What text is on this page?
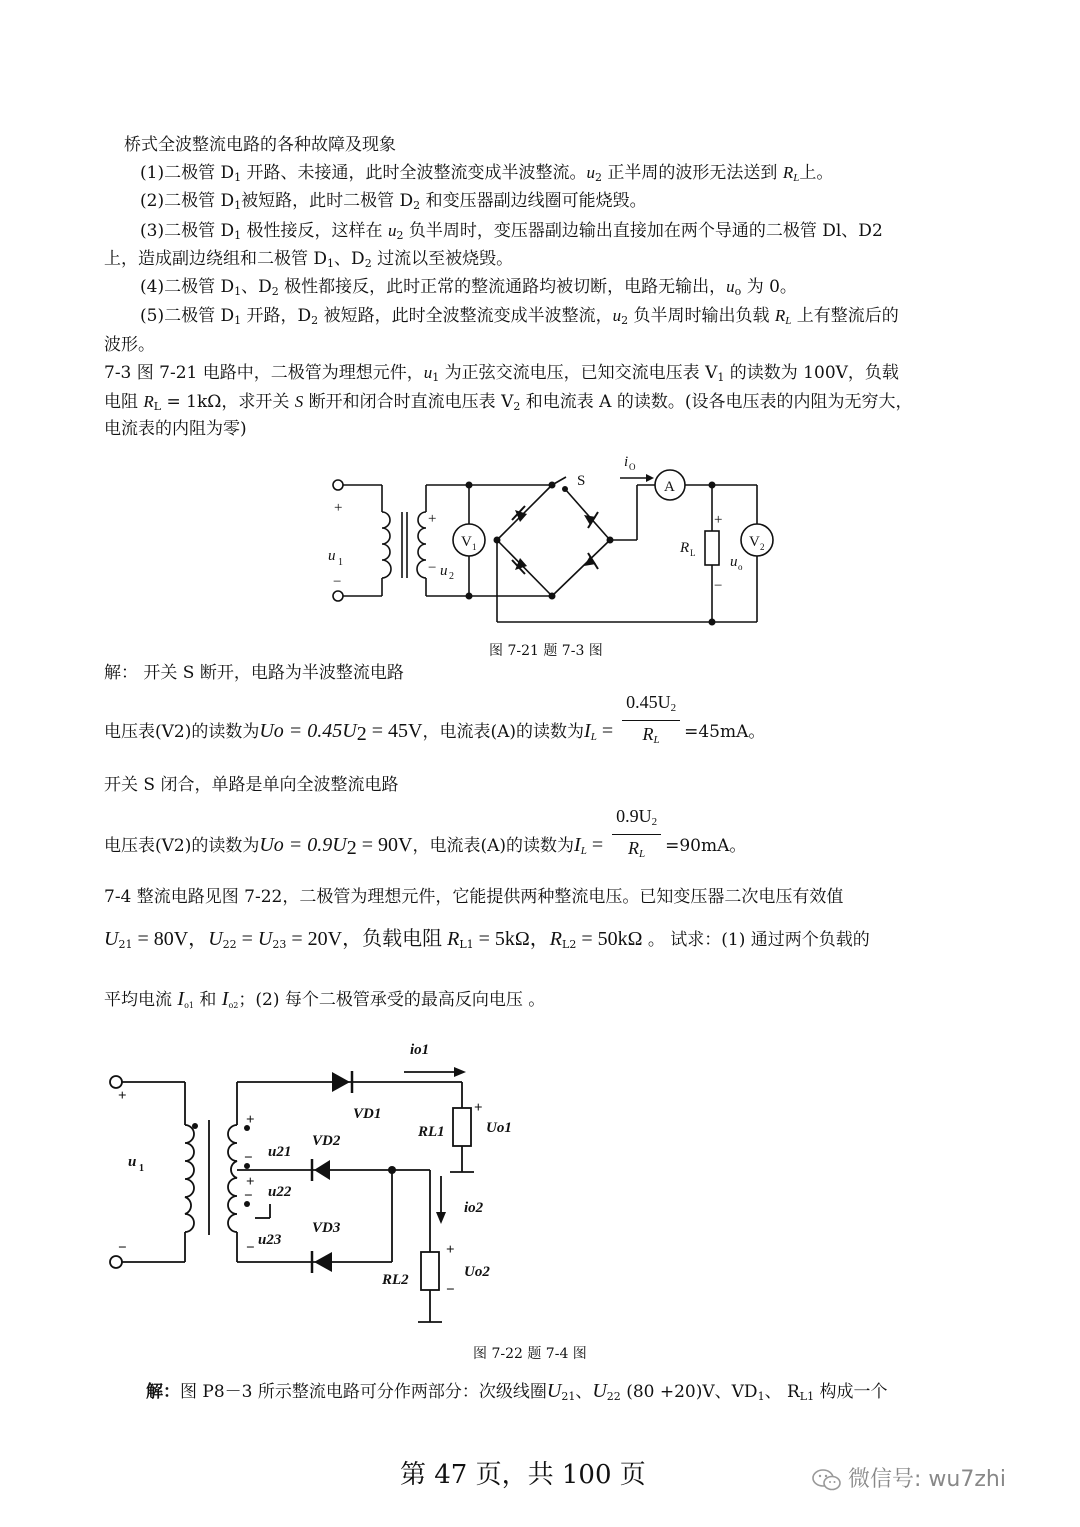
桥式全波整流电路的各种故障及现象
(1)二极管 $D_1$ 开路、未接通，此时全波整流变成半波整流。$u_2$ 正半周的波形无法送到 $R_L$上。
(2)二极管 $D_1$被短路，此时二极管 $D_2$ 和变压器副边线圈可能烧毁。
(3)二极管 $D_1$ 极性接反，这样在 $u_2$ 负半周时，变压器副边输出直接加在两个导通的二极管 Dl、D2
上，造成副边绕组和二极管 $D_1$、$D_2$ 过流以至被烧毁。
(4)二极管 $D_1$、$D_2$ 极性都接反，此时正常的整流通路均被切断，电路无输出，$u_o$ 为 0。
(5)二极管 $D_1$ 开路，$D_2$ 被短路，此时全波整流变成半波整流，$u_2$ 负半周时输出负载 $R_L$ 上有整流后的
波形。
7-3 图 7-21 电路中，二极管为理想元件，$u_1$ 为正弦交流电压，已知交流电压表 $V_1$ 的读数为 100V，负载
电阻 $R_L = 1k\Omega$，求开关 S 断开和闭合时直流电压表 $V_2$ 和电流表 A 的读数。(设各电压表的内阻为无穷大，
电流表的内阻为零)
+
u 1
−
+
− u 2
V 1
S
i O
A
+
R L
u o
−
V 2
图 7-21 题 7-3 图
解： 开关 S 断开，电路为半波整流电路
电压表(V2)的读数为$Uo = 0.45U_2 = 45V$，电流表(A)的读数为$I_L = \frac{0.45U_2}{R_L} =45mA$。
开关 S 闭合，单路是单向全波整流电路
电压表(V2)的读数为$Uo = 0.9U_2 = 90V$，电流表(A)的读数为$I_L = \frac{0.9U_2}{R_L} =90mA$。
7-4 整流电路见图 7-22，二极管为理想元件，它能提供两种整流电压。已知变压器二次电压有效值
$U_{21} = 80V$，$U_{22} = U_{23} = 20V$，负载电阻 $R_{L1} = 5k\Omega$，$R_{L2} = 50k\Omega$ 。 试求：(1) 通过两个负载的
平均电流 $I_{o1}$ 和 $I_{o2}$；(2) 每个二极管承受的最高反向电压 。
+
−
u 1
+
−
+
−
−
u21
u22
u23
VD1
VD2
VD3
io1
RL1
+
Uo1
io2
+
Uo2
−
RL2
图 7-22 题 7-4 图
解：图 P8－3 所示整流电路可分作两部分：次级线圈$U_{21}$、$U_{22}$ (80 +20)V、$VD_1$、 $R_{L1}$ 构成一个
第 47 页，共 100 页	微信号: wu7zhi
